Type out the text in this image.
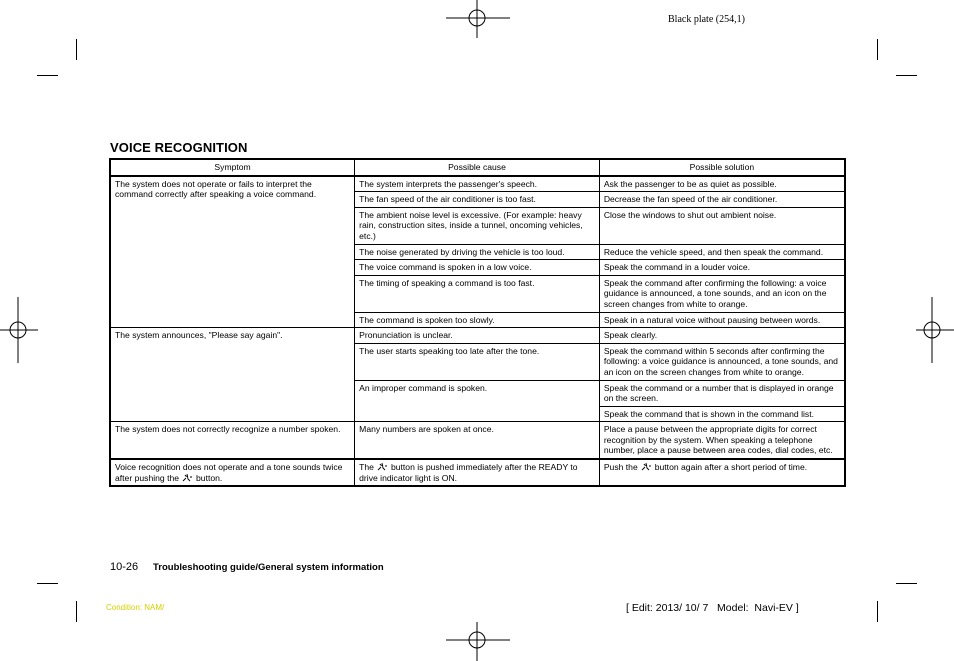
Black plate (254,1)
VOICE RECOGNITION
Symptom	Possible cause	Possible solution
The system does not operate or fails to interpret the command correctly after speaking a voice command.	The system interprets the passenger's speech.	Ask the passenger to be as quiet as possible.
	The fan speed of the air conditioner is too fast.	Decrease the fan speed of the air conditioner.
	The ambient noise level is excessive. (For example: heavy rain, construction sites, inside a tunnel, oncoming vehicles, etc.)	Close the windows to shut out ambient noise.
	The noise generated by driving the vehicle is too loud.	Reduce the vehicle speed, and then speak the command.
	The voice command is spoken in a low voice.	Speak the command in a louder voice.
	The timing of speaking a command is too fast.	Speak the command after confirming the following: a voice guidance is announced, a tone sounds, and an icon on the screen changes from white to orange.
	The command is spoken too slowly.	Speak in a natural voice without pausing between words.
The system announces, "Please say again".	Pronunciation is unclear.	Speak clearly.
	The user starts speaking too late after the tone.	Speak the command within 5 seconds after confirming the following: a voice guidance is announced, a tone sounds, and an icon on the screen changes from white to orange.
	An improper command is spoken.	Speak the command or a number that is displayed in orange on the screen.
		Speak the command that is shown in the command list.
The system does not correctly recognize a number spoken.	Many numbers are spoken at once.	Place a pause between the appropriate digits for correct recognition by the system. When speaking a telephone number, place a pause between area codes, dial codes, etc.
Voice recognition does not operate and a tone sounds twice after pushing the button.	The button is pushed immediately after the READY to drive indicator light is ON.	Push the button again after a short period of time.
10-26 Troubleshooting guide/General system information
Condition: NAM/	[ Edit: 2013/ 10/ 7   Model:  Navi-EV ]
